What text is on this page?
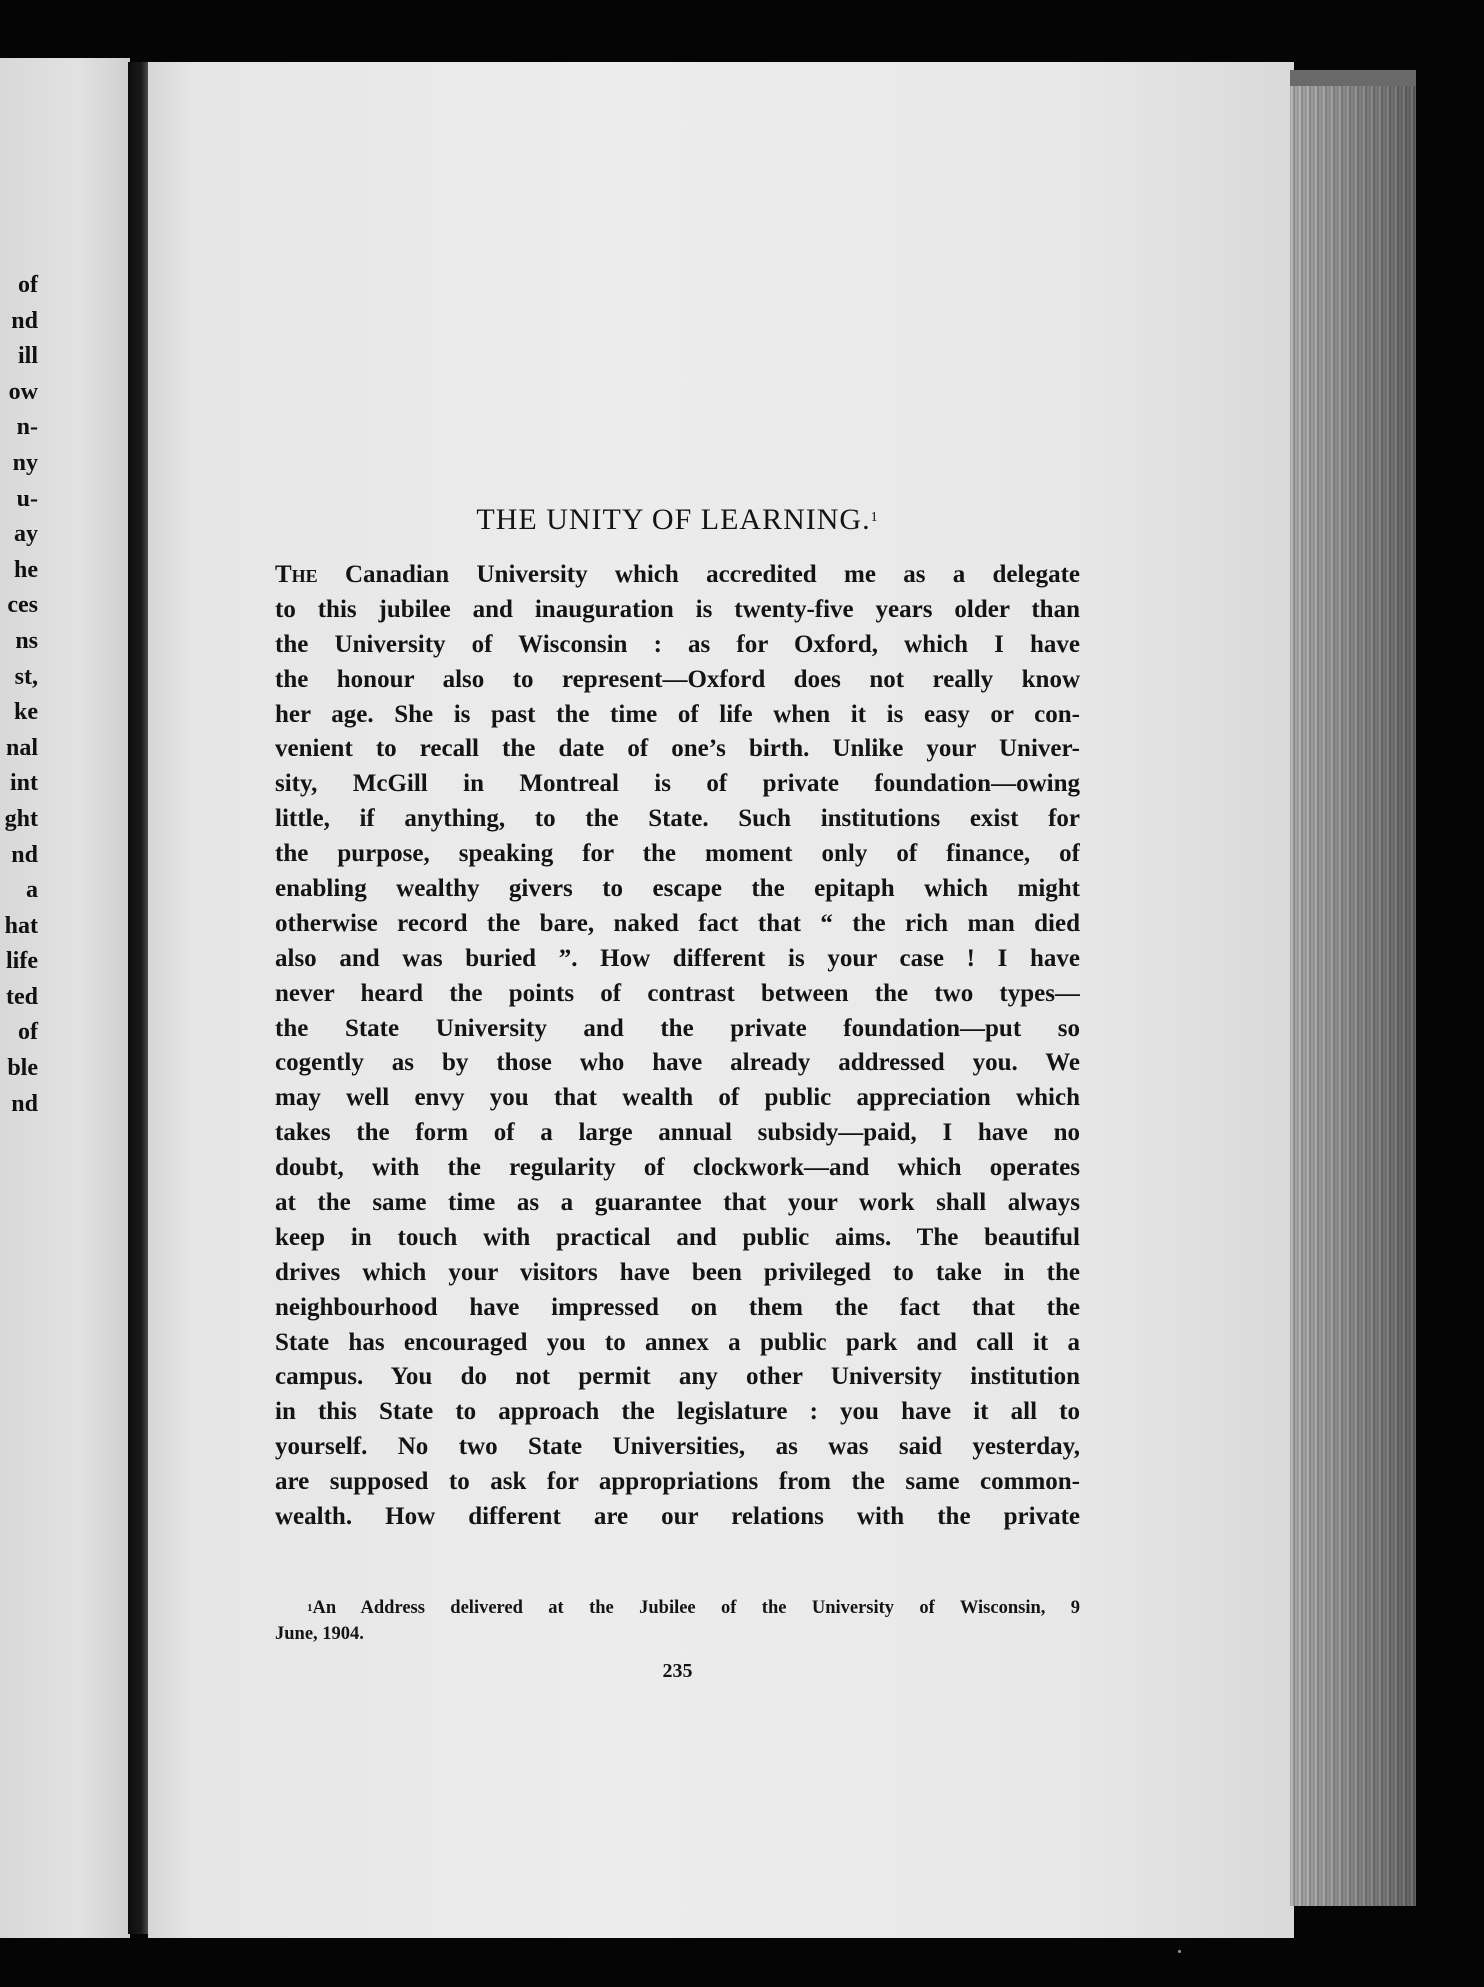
of
nd
ill
ow
n-
ny
u-
ay
he
ces
ns
st,
ke
nal
int
ght
nd
a
hat
life
ted
of
ble
nd
THE UNITY OF LEARNING.$^1$
The Canadian University which accredited me as a delegate
to this jubilee and inauguration is twenty-five years older than
the University of Wisconsin : as for Oxford, which I have
the honour also to represent—Oxford does not really know
her age. She is past the time of life when it is easy or con-
venient to recall the date of one’s birth. Unlike your Univer-
sity, McGill in Montreal is of private foundation—owing
little, if anything, to the State. Such institutions exist for
the purpose, speaking for the moment only of finance, of
enabling wealthy givers to escape the epitaph which might
otherwise record the bare, naked fact that “ the rich man died
also and was buried ”. How different is your case ! I have
never heard the points of contrast between the two types—
the State University and the private foundation—put so
cogently as by those who have already addressed you. We
may well envy you that wealth of public appreciation which
takes the form of a large annual subsidy—paid, I have no
doubt, with the regularity of clockwork—and which operates
at the same time as a guarantee that your work shall always
keep in touch with practical and public aims. The beautiful
drives which your visitors have been privileged to take in the
neighbourhood have impressed on them the fact that the
State has encouraged you to annex a public park and call it a
campus. You do not permit any other University institution
in this State to approach the legislature : you have it all to
yourself. No two State Universities, as was said yesterday,
are supposed to ask for appropriations from the same common-
wealth. How different are our relations with the private
$^1$An Address delivered at the Jubilee of the University of Wisconsin, 9
June, 1904.
235
